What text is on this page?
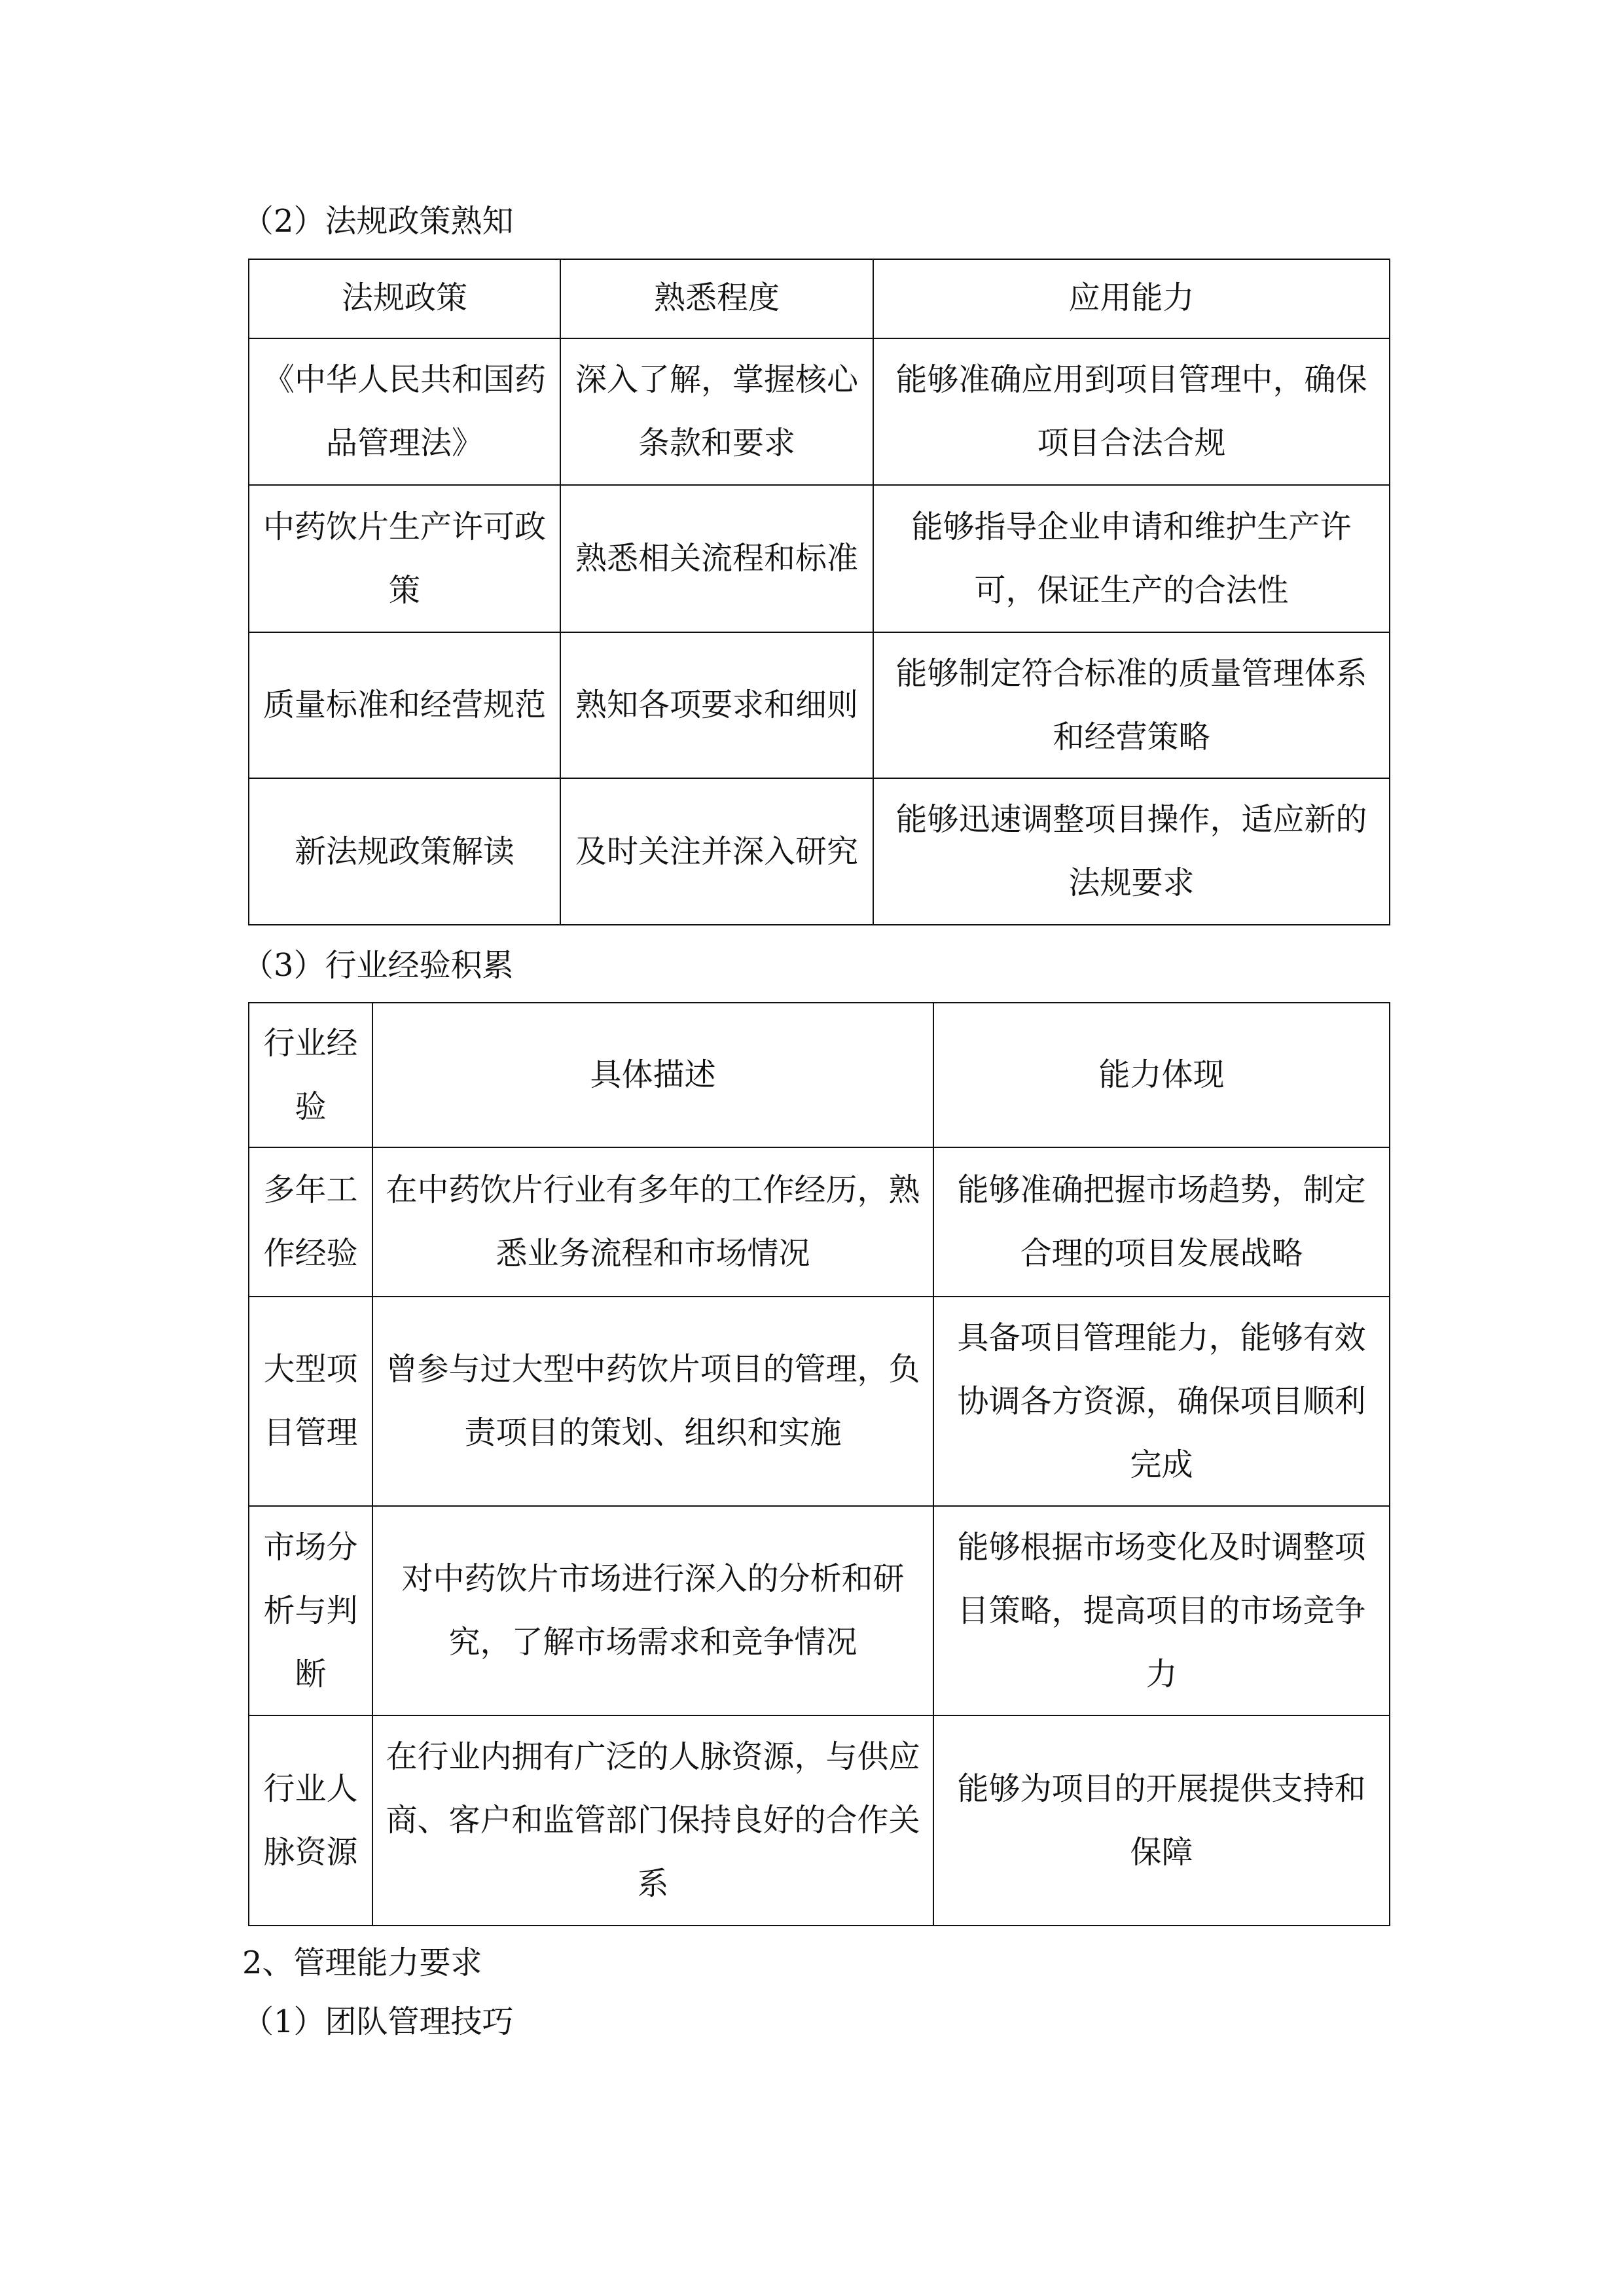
（2）法规政策熟知
法规政策	熟悉程度	应用能力
《中华人民共和国药品管理法》	深入了解，掌握核心条款和要求	能够准确应用到项目管理中，确保项目合法合规
中药饮片生产许可政策	熟悉相关流程和标准	能够指导企业申请和维护生产许可，保证生产的合法性
质量标准和经营规范	熟知各项要求和细则	能够制定符合标准的质量管理体系和经营策略
新法规政策解读	及时关注并深入研究	能够迅速调整项目操作，适应新的法规要求
（3）行业经验积累
行业经验	具体描述	能力体现
多年工作经验	在中药饮片行业有多年的工作经历，熟悉业务流程和市场情况	能够准确把握市场趋势，制定合理的项目发展战略
大型项目管理	曾参与过大型中药饮片项目的管理，负责项目的策划、组织和实施	具备项目管理能力，能够有效协调各方资源，确保项目顺利完成
市场分析与判断	对中药饮片市场进行深入的分析和研究，了解市场需求和竞争情况	能够根据市场变化及时调整项目策略，提高项目的市场竞争力
行业人脉资源	在行业内拥有广泛的人脉资源，与供应商、客户和监管部门保持良好的合作关系	能够为项目的开展提供支持和保障
2、管理能力要求
（1）团队管理技巧
